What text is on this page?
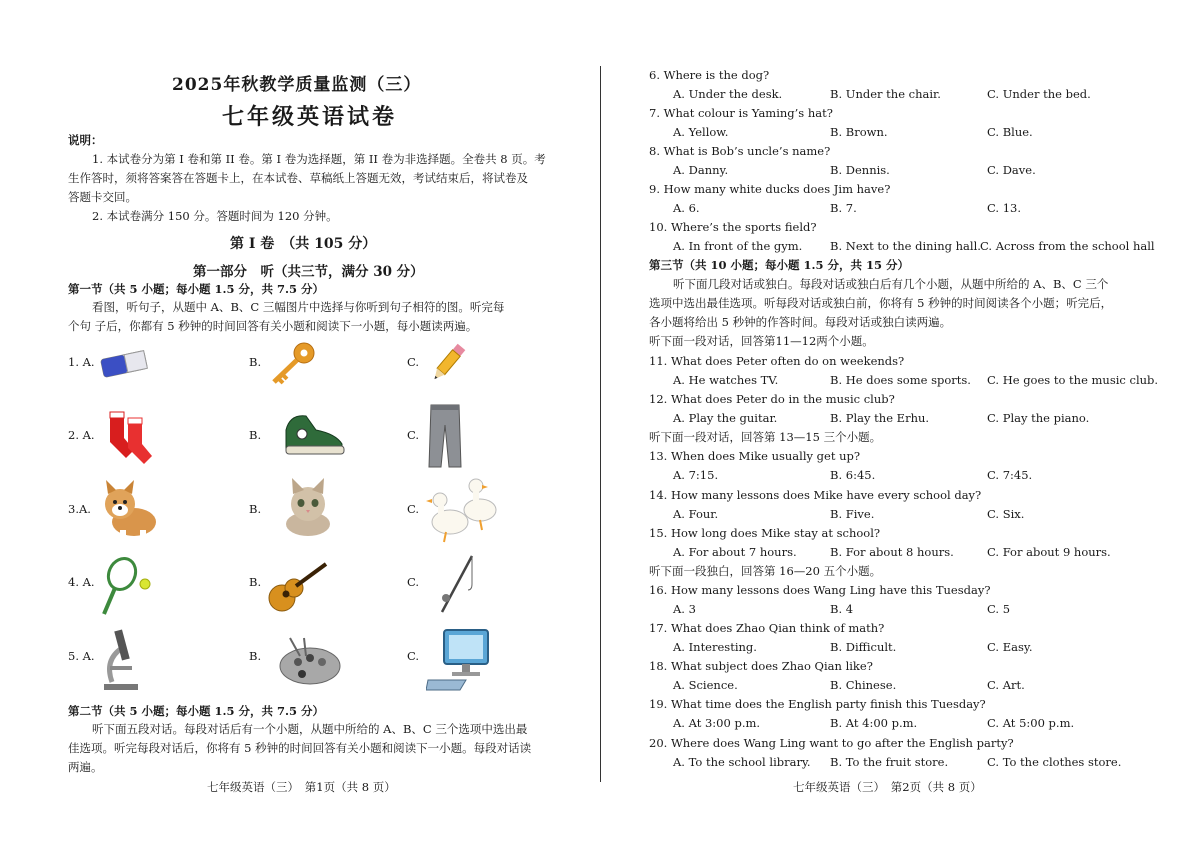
2025年秋教学质量监测（三）
七年级英语试卷
说明：
1. 本试卷分为第 I 卷和第 II 卷。第 I 卷为选择题，第 II 卷为非选择题。全卷共 8 页。考
生作答时，须将答案答在答题卡上，在本试卷、草稿纸上答题无效，考试结束后，将试卷及
答题卡交回。
2. 本试卷满分 150 分。答题时间为 120 分钟。
第 I 卷　（共 105 分）
第一部分　听（共三节，满分 30 分）
第一节（共 5 小题；每小题 1.5 分，共 7.5 分）
看图，听句子，从题中 A、B、C 三幅图片中选择与你听到句子相符的图。听完每
个句 子后，你都有 5 秒钟的时间回答有关小题和阅读下一小题，每小题读两遍。
1. A.	B.	C.
2. A.	B.	C.
3.A.	B.	C.
4. A.	B.	C.
5. A.	B.	C.
第二节（共 5 小题；每小题 1.5 分，共 7.5 分）
听下面五段对话。每段对话后有一个小题，从题中所给的 A、B、C 三个选项中选出最
佳选项。听完每段对话后，你将有 5 秒钟的时间回答有关小题和阅读下一小题。每段对话读
两遍。
七年级英语（三）　第1页（共 8 页）
6. Where is the dog?
A. Under the desk.	B. Under the chair.	C. Under the bed.
7. What colour is Yaming’s hat?
A. Yellow.	B. Brown.	C. Blue.
8. What is Bob’s uncle’s name?
A. Danny.	B. Dennis.	C. Dave.
9. How many white ducks does Jim have?
A. 6.	B. 7.	C. 13.
10. Where’s the sports field?
A. In front of the gym. B. Next to the dining hall. C. Across from the school hall
第三节（共 10 小题；每小题 1.5 分，共 15 分）
听下面几段对话或独白。每段对话或独白后有几个小题，从题中所给的 A、B、C 三个
选项中选出最佳选项。听每段对话或独白前，你将有 5 秒钟的时间阅读各个小题；听完后，
各小题将给出 5 秒钟的作答时间。每段对话或独白读两遍。
听下面一段对话，回答第11—12两个小题。
11. What does Peter often do on weekends?
A. He watches TV.	B. He does some sports. C. He goes to the music club.
12. What does Peter do in the music club?
A. Play the guitar.	B. Play the Erhu.	C. Play the piano.
听下面一段对话，回答第 13—15 三个小题。
13. When does Mike usually get up?
A. 7:15.	B. 6:45.	C. 7:45.
14. How many lessons does Mike have every school day?
A. Four.	B. Five.	C. Six.
15. How long does Mike stay at school?
A. For about 7 hours.	B. For about 8 hours.	C. For about 9 hours.
听下面一段独白，回答第 16—20 五个小题。
16. How many lessons does Wang Ling have this Tuesday?
A. 3	B. 4	C. 5
17. What does Zhao Qian think of math?
A. Interesting.	B. Difficult.	C. Easy.
18. What subject does Zhao Qian like?
A. Science.	B. Chinese.	C. Art.
19. What time does the English party finish this Tuesday?
A. At 3:00 p.m.	B. At 4:00 p.m.	C. At 5:00 p.m.
20. Where does Wang Ling want to go after the English party?
A. To the school library. B. To the fruit store.	C. To the clothes store.
七年级英语（三）　第2页（共 8 页）
